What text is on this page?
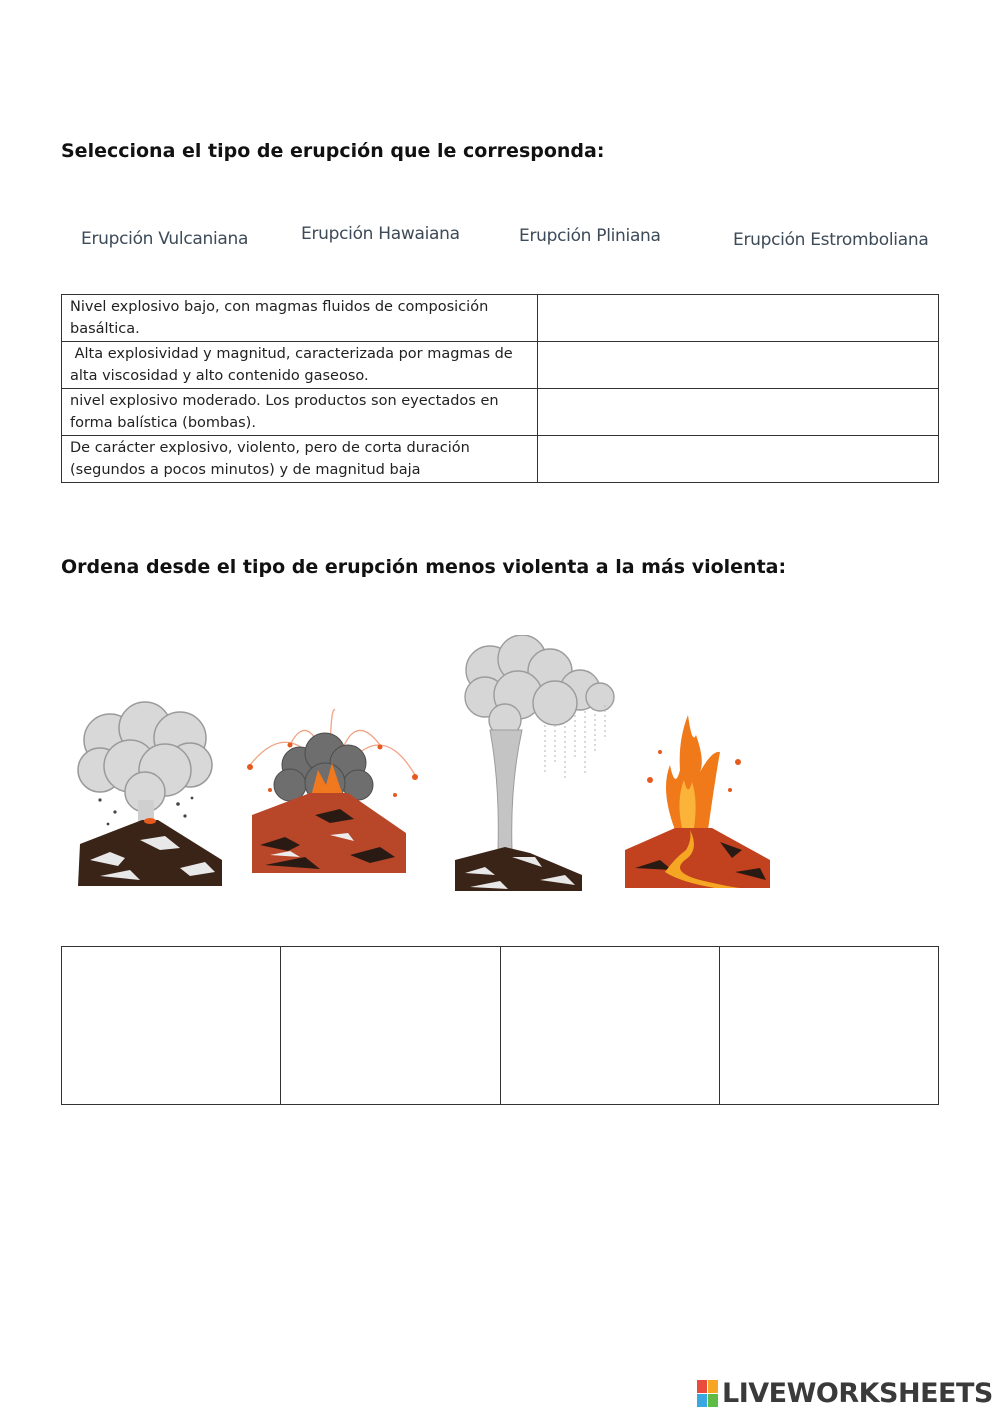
Selecciona el tipo de erupción que le corresponda:
Erupción Vulcaniana	Erupción Hawaiana	Erupción Pliniana	Erupción Estromboliana
Nivel explosivo bajo, con magmas fluidos de composición basáltica.	
Alta explosividad y magnitud, caracterizada por magmas de alta viscosidad y alto contenido gaseoso.	
nivel explosivo moderado. Los productos son eyectados en forma balística (bombas).	
De carácter explosivo, violento, pero de corta duración (segundos a pocos minutos) y de magnitud baja	
Ordena desde el tipo de erupción menos violenta a la más violenta:

LIVEWORKSHEETS
